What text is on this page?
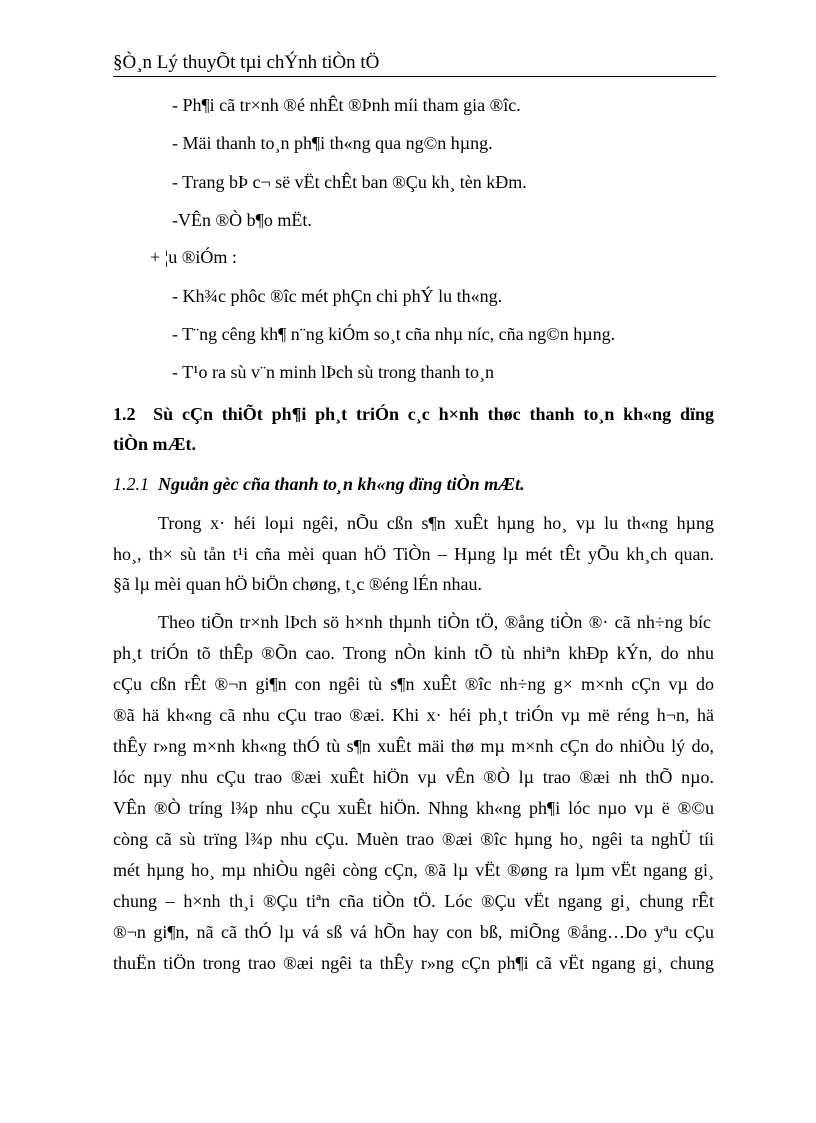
§Ò¸n Lý thuyÕt tµi chÝnh tiÒn tÖ
- Ph¶i cã tr×nh ®é nhÊt ®Þnh míi tham gia ®îc.
- Mäi thanh to¸n ph¶i th«ng qua ng©n hµng.
- Trang bÞ c¬ së vËt chÊt ban ®Çu kh¸ tèn kÐm.
-VÊn ®Ò b¶o mËt.
+ ¦u ®iÓm :
- Kh¾c phôc ®îc mét phÇn chi phÝ lu th«ng.
- T¨ng cêng kh¶ n¨ng kiÓm so¸t cña nhµ níc, cña ng©n hµng.
- T¹o ra sù v¨n minh lÞch sù trong thanh to¸n
1.2 Sù cÇn thiÕt ph¶i ph¸t triÓn c¸c h×nh thøc thanh to¸n kh«ng dïng
tiÒn mÆt.
1.2.1 Nguån gèc cña thanh to¸n kh«ng dïng tiÒn mÆt.
Trong x· héi loµi ngêi, nÕu cßn s¶n xuÊt hµng ho¸ vµ lu th«ng hµng
ho¸, th× sù tån t¹i cña mèi quan hÖ TiÒn – Hµng lµ mét tÊt yÕu kh¸ch quan.
§ã lµ mèi quan hÖ biÖn chøng, t¸c ®éng lÉn nhau.
Theo tiÕn tr×nh lÞch sö h×nh thµnh tiÒn tÖ, ®ång tiÒn ®· cã nh÷ng bíc
ph¸t triÓn tõ thÊp ®Õn cao. Trong nÒn kinh tÕ tù nhiªn khÐp kÝn, do nhu
cÇu cßn rÊt ®¬n gi¶n con ngêi tù s¶n xuÊt ®îc nh÷ng g× m×nh cÇn vµ do
®ã hä kh«ng cã nhu cÇu trao ®æi. Khi x· héi ph¸t triÓn vµ më réng h¬n, hä
thÊy r»ng m×nh kh«ng thÓ tù s¶n xuÊt mäi thø mµ m×nh cÇn do nhiÒu lý do,
lóc nµy nhu cÇu trao ®æi xuÊt hiÖn vµ vÊn ®Ò lµ trao ®æi nh thÕ nµo.
VÊn ®Ò tríng l¾p nhu cÇu xuÊt hiÖn. Nhng kh«ng ph¶i lóc nµo vµ ë ®©u
còng cã sù trïng l¾p nhu cÇu. Muèn trao ®æi ®îc hµng ho¸ ngêi ta nghÜ tíi
mét hµng ho¸ mµ nhiÒu ngêi còng cÇn, ®ã lµ vËt ®øng ra lµm vËt ngang gi¸
chung – h×nh th¸i ®Çu tiªn cña tiÒn tÖ. Lóc ®Çu vËt ngang gi¸ chung rÊt
®¬n gi¶n, nã cã thÓ lµ vá sß vá hÕn hay con bß, miÕng ®ång…Do yªu cÇu
thuËn tiÖn trong trao ®æi ngêi ta thÊy r»ng cÇn ph¶i cã vËt ngang gi¸ chung
